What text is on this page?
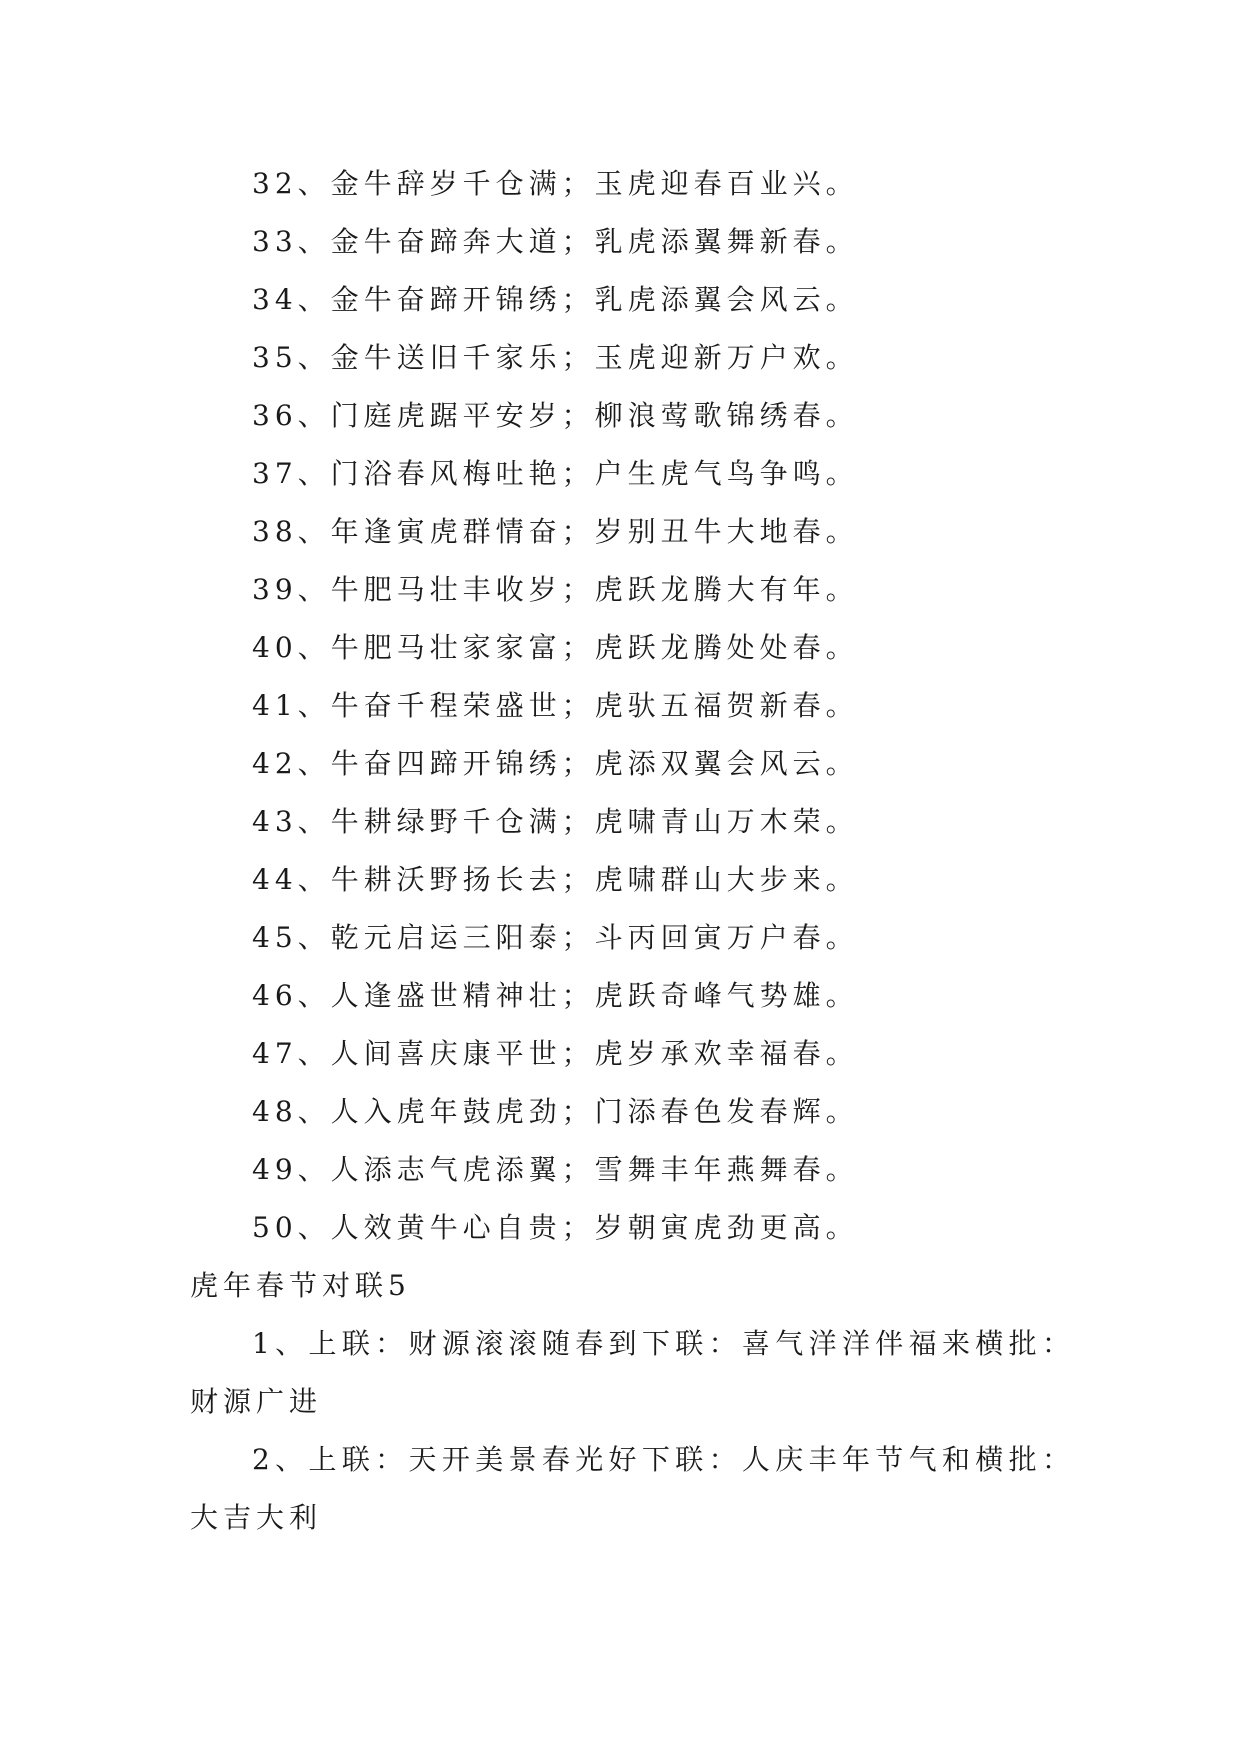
32、金牛辞岁千仓满；玉虎迎春百业兴。
33、金牛奋蹄奔大道；乳虎添翼舞新春。
34、金牛奋蹄开锦绣；乳虎添翼会风云。
35、金牛送旧千家乐；玉虎迎新万户欢。
36、门庭虎踞平安岁；柳浪莺歌锦绣春。
37、门浴春风梅吐艳；户生虎气鸟争鸣。
38、年逢寅虎群情奋；岁别丑牛大地春。
39、牛肥马壮丰收岁；虎跃龙腾大有年。
40、牛肥马壮家家富；虎跃龙腾处处春。
41、牛奋千程荣盛世；虎驮五福贺新春。
42、牛奋四蹄开锦绣；虎添双翼会风云。
43、牛耕绿野千仓满；虎啸青山万木荣。
44、牛耕沃野扬长去；虎啸群山大步来。
45、乾元启运三阳泰；斗丙回寅万户春。
46、人逢盛世精神壮；虎跃奇峰气势雄。
47、人间喜庆康平世；虎岁承欢幸福春。
48、人入虎年鼓虎劲；门添春色发春辉。
49、人添志气虎添翼；雪舞丰年燕舞春。
50、人效黄牛心自贵；岁朝寅虎劲更高。
虎年春节对联5
1、上联：财源滚滚随春到下联：喜气洋洋伴福来横批：财源广进
2、上联：天开美景春光好下联：人庆丰年节气和横批：大吉大利
